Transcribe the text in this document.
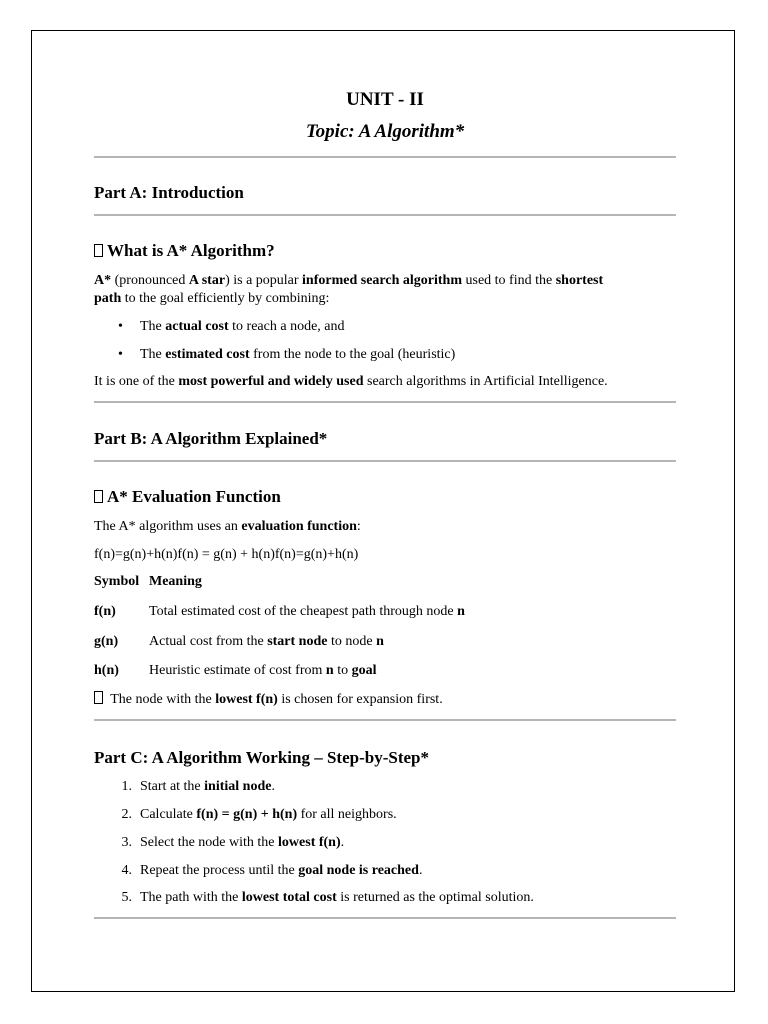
UNIT - II
Topic: A Algorithm*
Part A: Introduction
What is A* Algorithm?
A* (pronounced A star) is a popular informed search algorithm used to find the shortest
path to the goal efficiently by combining:
• The actual cost to reach a node, and
• The estimated cost from the node to the goal (heuristic)
It is one of the most powerful and widely used search algorithms in Artificial Intelligence.
Part B: A Algorithm Explained*
A* Evaluation Function
The A* algorithm uses an evaluation function:
f(n)=g(n)+h(n)f(n) = g(n) + h(n)f(n)=g(n)+h(n)
Symbol Meaning
f(n) Total estimated cost of the cheapest path through node n
g(n) Actual cost from the start node to node n
h(n) Heuristic estimate of cost from n to goal
The node with the lowest f(n) is chosen for expansion first.
Part C: A Algorithm Working – Step-by-Step*
1. Start at the initial node.
2. Calculate f(n) = g(n) + h(n) for all neighbors.
3. Select the node with the lowest f(n).
4. Repeat the process until the goal node is reached.
5. The path with the lowest total cost is returned as the optimal solution.
